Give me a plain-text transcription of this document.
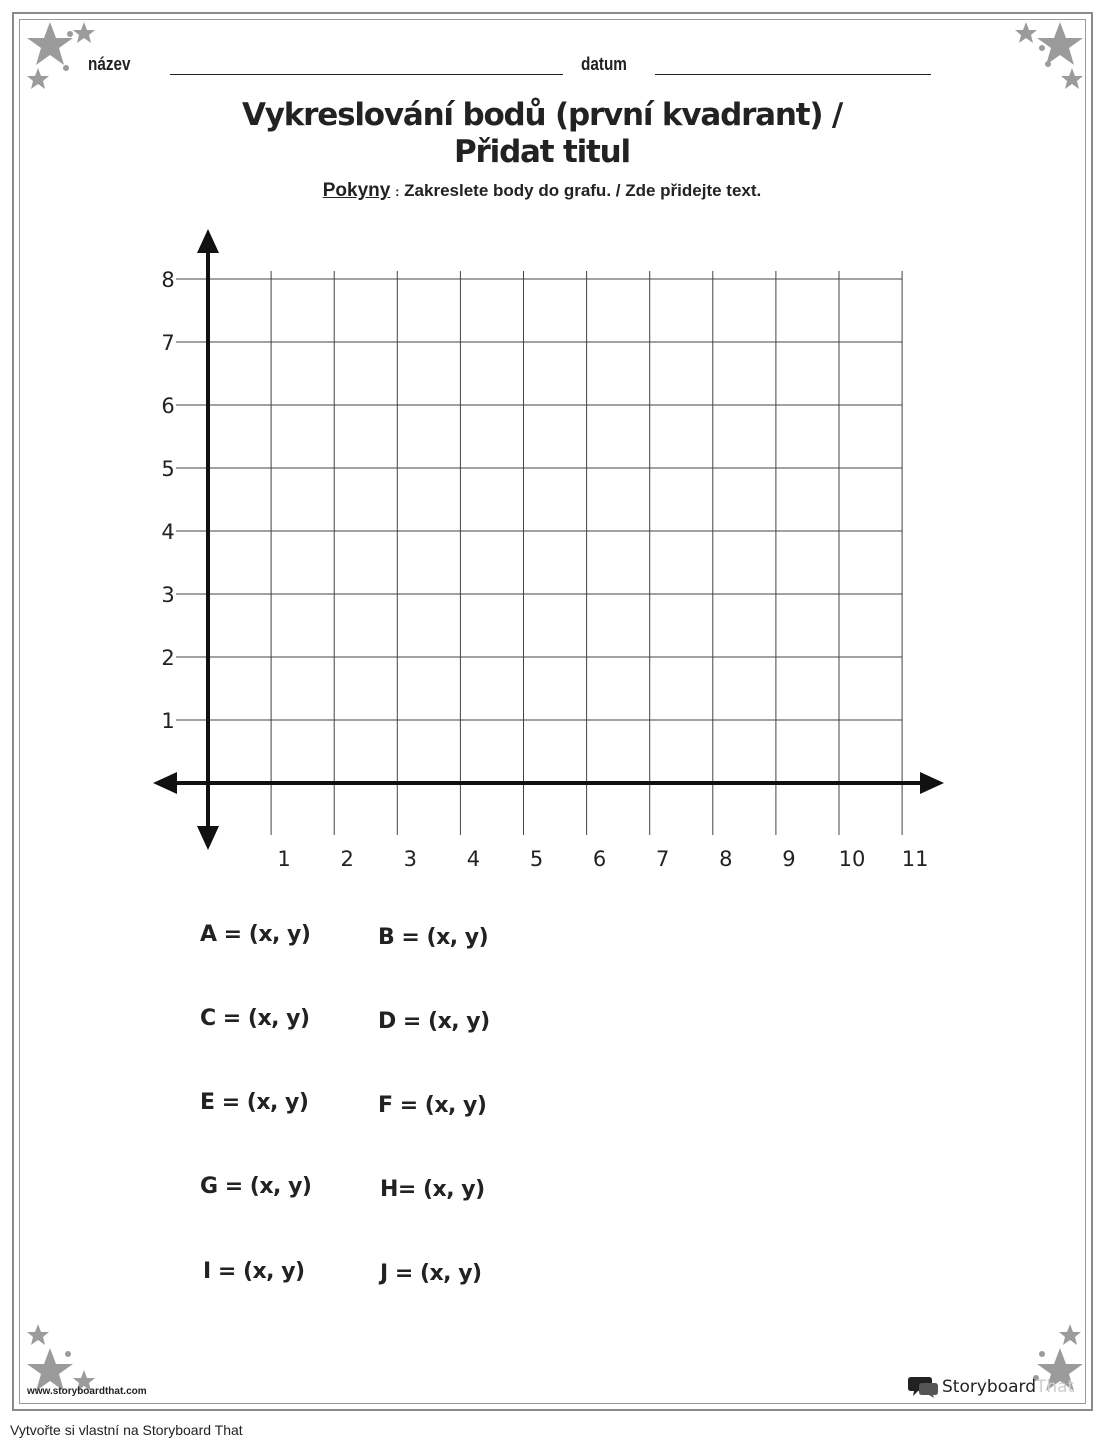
název	datum
Vykreslování bodů (první kvadrant) / Přidat titul
Pokyny : Zakreslete body do grafu. / Zde přidejte text.
1 2 3 4 5 6 7 8 9 10 11
1
2
3
4
5
6
7
8
A = (x, y)	B = (x, y)
C = (x, y)	D = (x, y)
E = (x, y)	F = (x, y)
G = (x, y)	H= (x, y)
I = (x, y)	J = (x, y)
www.storyboardthat.com	StoryboardThat
Vytvořte si vlastní na Storyboard That
